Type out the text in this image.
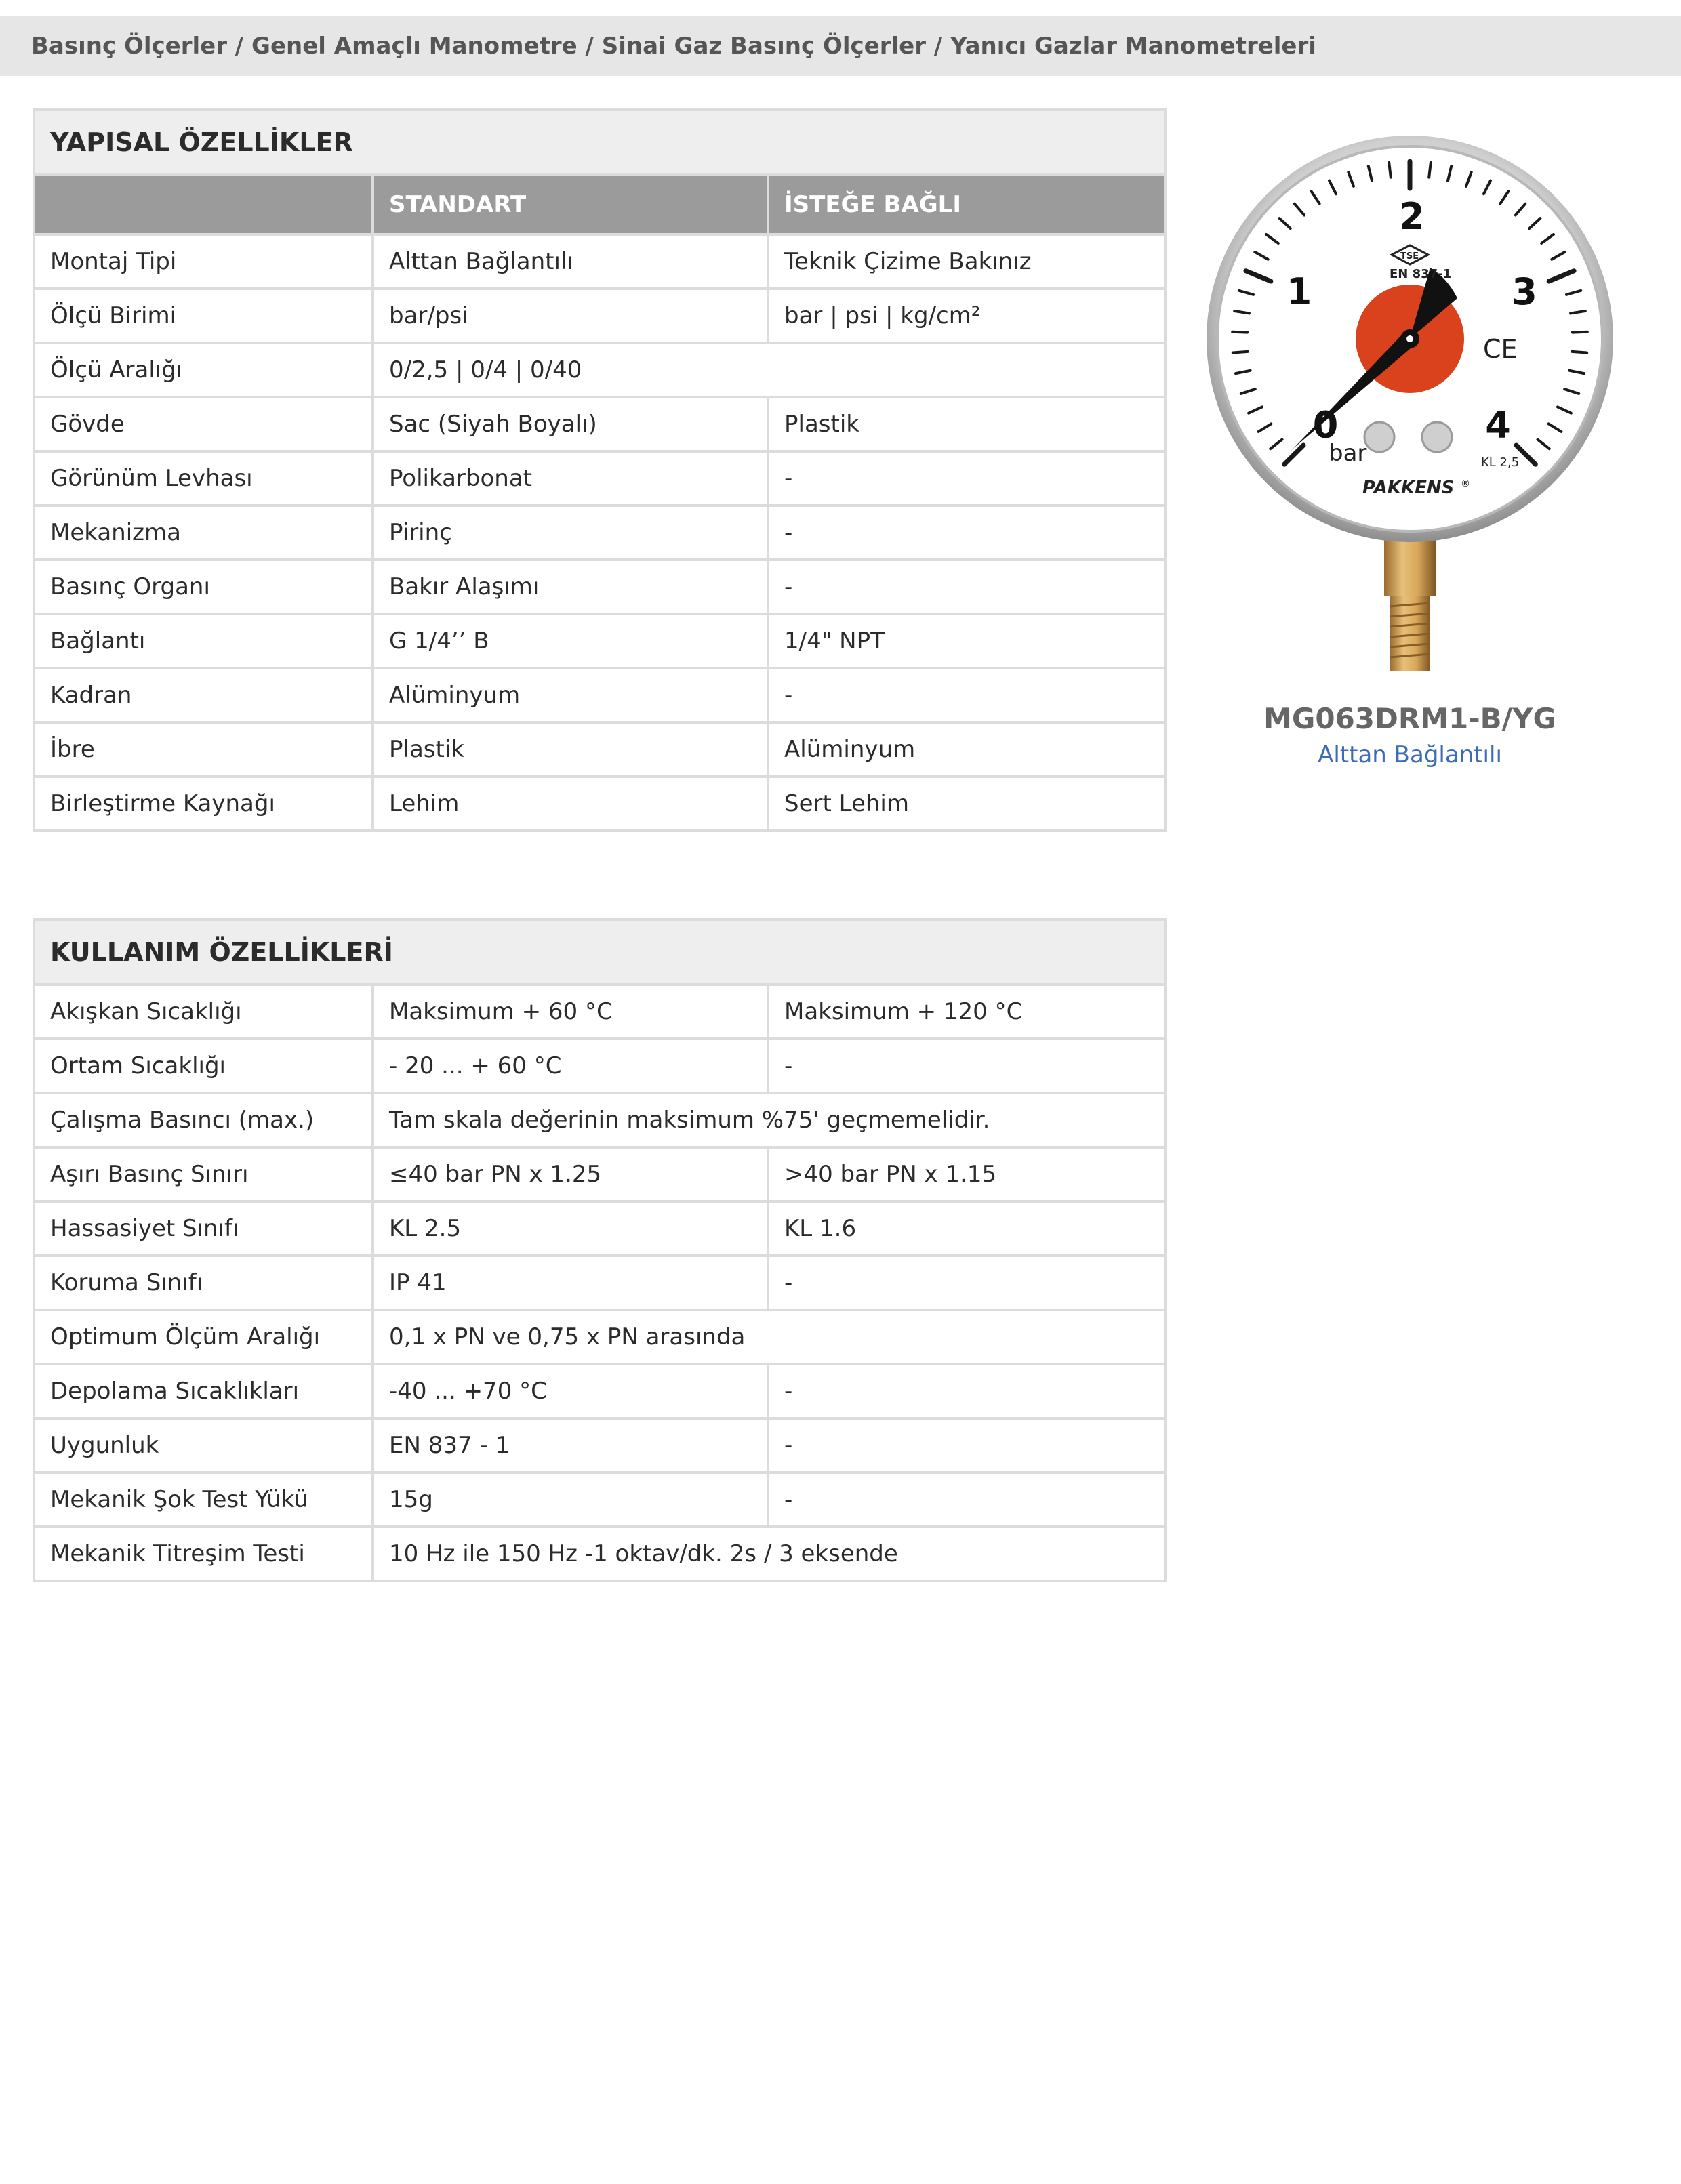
Basınç Ölçerler / Genel Amaçlı Manometre / Sinai Gaz Basınç Ölçerler / Yanıcı Gazlar Manometreleri
YAPISAL ÖZELLİKLER		
	STANDART	İSTEĞE BAĞLI
Montaj Tipi	Alttan Bağlantılı	Teknik Çizime Bakınız
Ölçü Birimi	bar/psi	bar | psi | kg/cm²
Ölçü Aralığı	0/2,5 | 0/4 | 0/40	
Gövde	Sac (Siyah Boyalı)	Plastik
Görünüm Levhası	Polikarbonat	-
Mekanizma	Pirinç	-
Basınç Organı	Bakır Alaşımı	-
Bağlantı	G 1/4’’ B	1/4" NPT
Kadran	Alüminyum	-
İbre	Plastik	Alüminyum
Birleştirme Kaynağı	Lehim	Sert Lehim
KULLANIM ÖZELLİKLERİ		
Akışkan Sıcaklığı	Maksimum + 60 °C	Maksimum + 120 °C
Ortam Sıcaklığı	- 20 ... + 60 °C	-
Çalışma Basıncı (max.)	Tam skala değerinin maksimum %75' geçmemelidir.	
Aşırı Basınç Sınırı	≤40 bar PN x 1.25	>40 bar PN x 1.15
Hassasiyet Sınıfı	KL 2.5	KL 1.6
Koruma Sınıfı	IP 41	-
Optimum Ölçüm Aralığı	0,1 x PN ve 0,75 x PN arasında	
Depolama Sıcaklıkları	-40 ... +70 °C	-
Uygunluk	EN 837 - 1	-
Mekanik Şok Test Yükü	15g	-
Mekanik Titreşim Testi	10 Hz ile 150 Hz -1 oktav/dk. 2s / 3 eksende	
0
1
2
3
4
bar
PAKKENS ®
KL 2,5
EN 837-1
TSE
CE
MG063DRM1-B/YG
Alttan Bağlantılı
